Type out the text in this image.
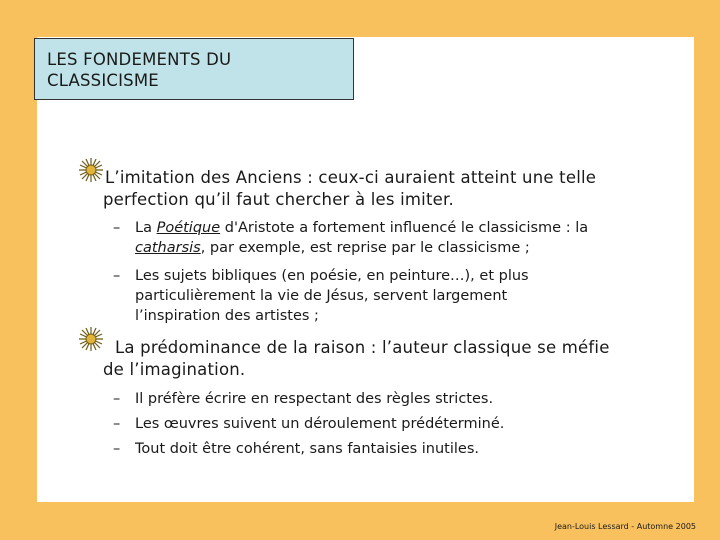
LES FONDEMENTS DU CLASSICISME
L’imitation des Anciens : ceux-ci auraient atteint une telle perfection qu’il faut chercher à les imiter.
– La Poétique d'Aristote a fortement influencé le classicisme : la catharsis, par exemple, est reprise par le classicisme ;
– Les sujets bibliques (en poésie, en peinture…), et plus particulièrement la vie de Jésus, servent largement l’inspiration des artistes ;
La prédominance de la raison : l’auteur classique se méfie de l’imagination.
– Il préfère écrire en respectant des règles strictes.
– Les œuvres suivent un déroulement prédéterminé.
– Tout doit être cohérent, sans fantaisies inutiles.
Jean-Louis Lessard - Automne 2005
